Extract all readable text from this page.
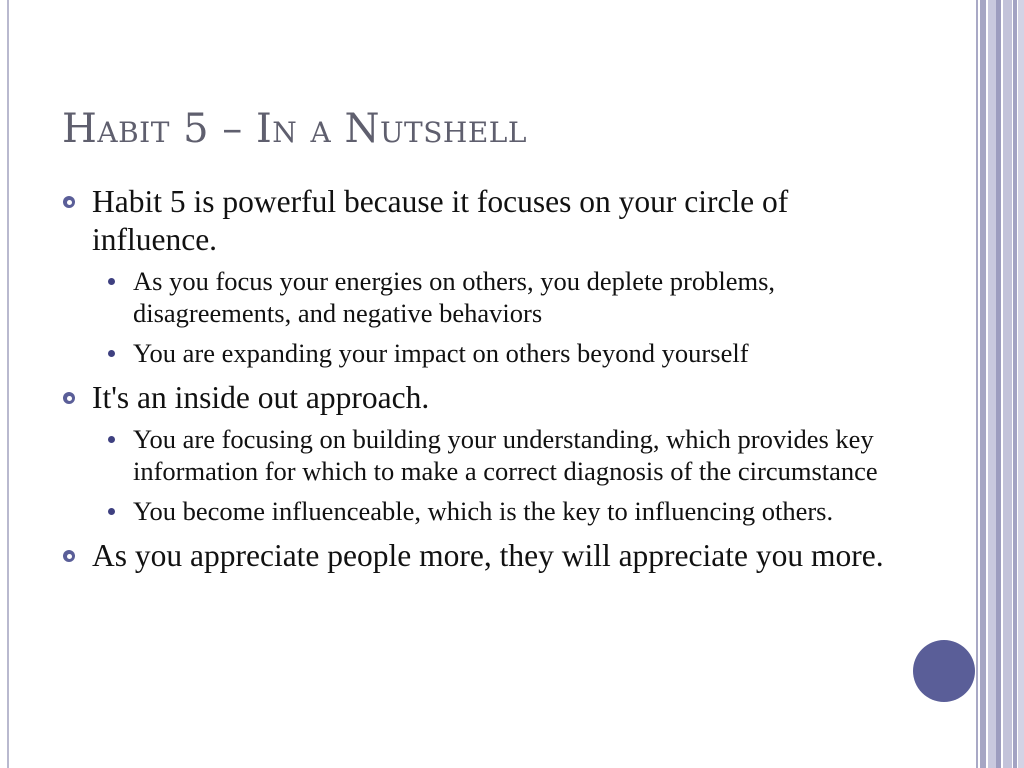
Habit 5 – In a Nutshell
Habit 5 is powerful because it focuses on your circle of influence.
As you focus your energies on others, you deplete problems, disagreements, and negative behaviors
You are expanding your impact on others beyond yourself
It's an inside out approach.
You are focusing on building your understanding, which provides key information for which to make a correct diagnosis of the circumstance
You become influenceable, which is the key to influencing others.
As you appreciate people more, they will appreciate you more.
